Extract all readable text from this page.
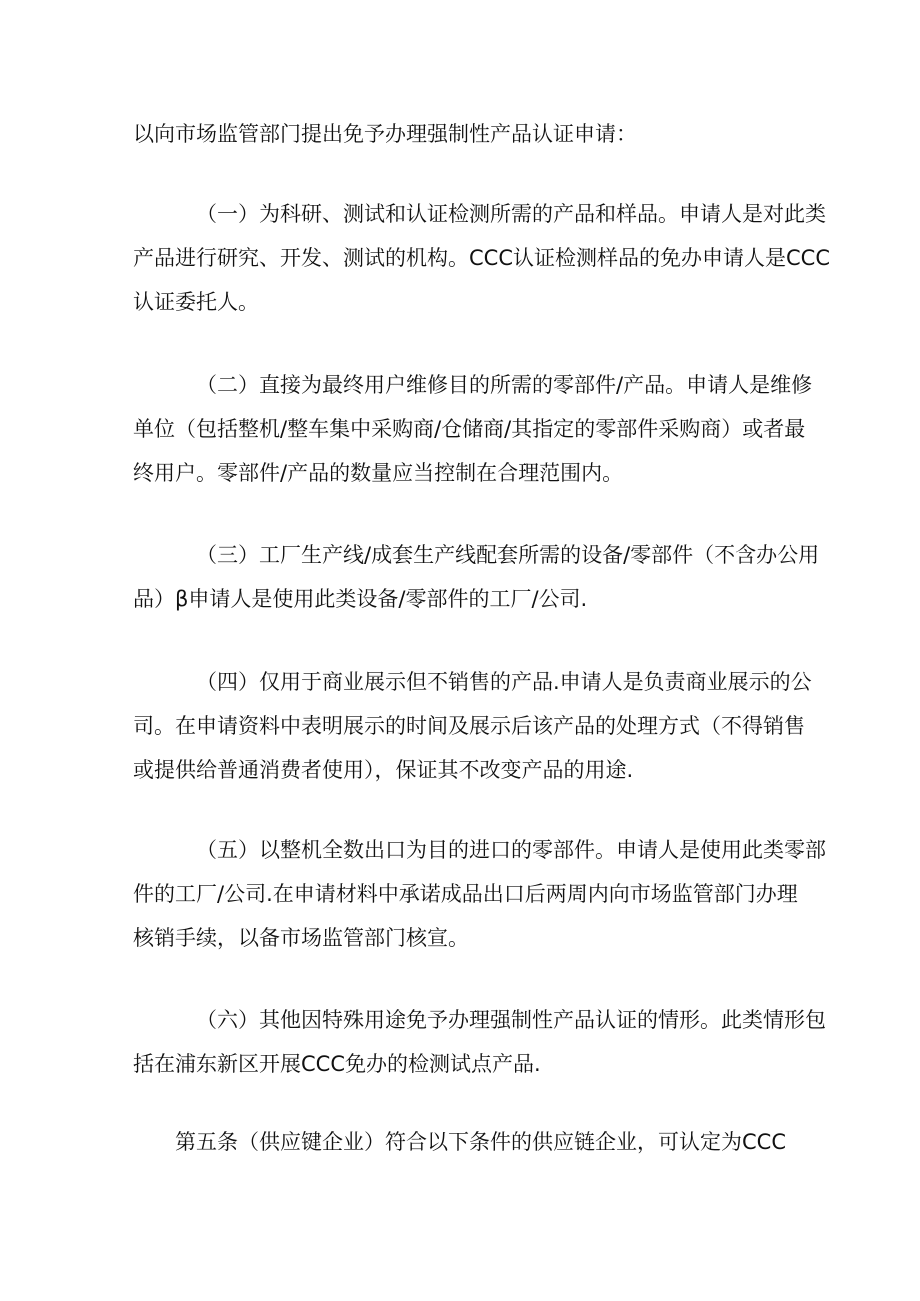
以向市场监管部门提出免予办理强制性产品认证申请：

（一）为科研、测试和认证检测所需的产品和样品。申请人是对此类
产品进行研究、开发、测试的机构。CCC认证检测样品的免办申请人是CCC
认证委托人。

（二）直接为最终用户维修目的所需的零部件/产品。申请人是维修
单位（包括整机/整车集中采购商/仓储商/其指定的零部件采购商）或者最
终用户。零部件/产品的数量应当控制在合理范围内。

（三）工厂生产线/成套生产线配套所需的设备/零部件（不含办公用
品）β申请人是使用此类设备/零部件的工厂/公司.

（四）仅用于商业展示但不销售的产品.申请人是负责商业展示的公
司。在申请资料中表明展示的时间及展示后该产品的处理方式（不得销售
或提供给普通消费者使用），保证其不改变产品的用途.

（五）以整机全数出口为目的进口的零部件。申请人是使用此类零部
件的工厂/公司.在申请材料中承诺成品出口后两周内向市场监管部门办理
核销手续，以备市场监管部门核宣。

（六）其他因特殊用途免予办理强制性产品认证的情形。此类情形包
括在浦东新区开展CCC免办的检测试点产品.

第五条（供应键企业）符合以下条件的供应链企业，可认定为CCC
